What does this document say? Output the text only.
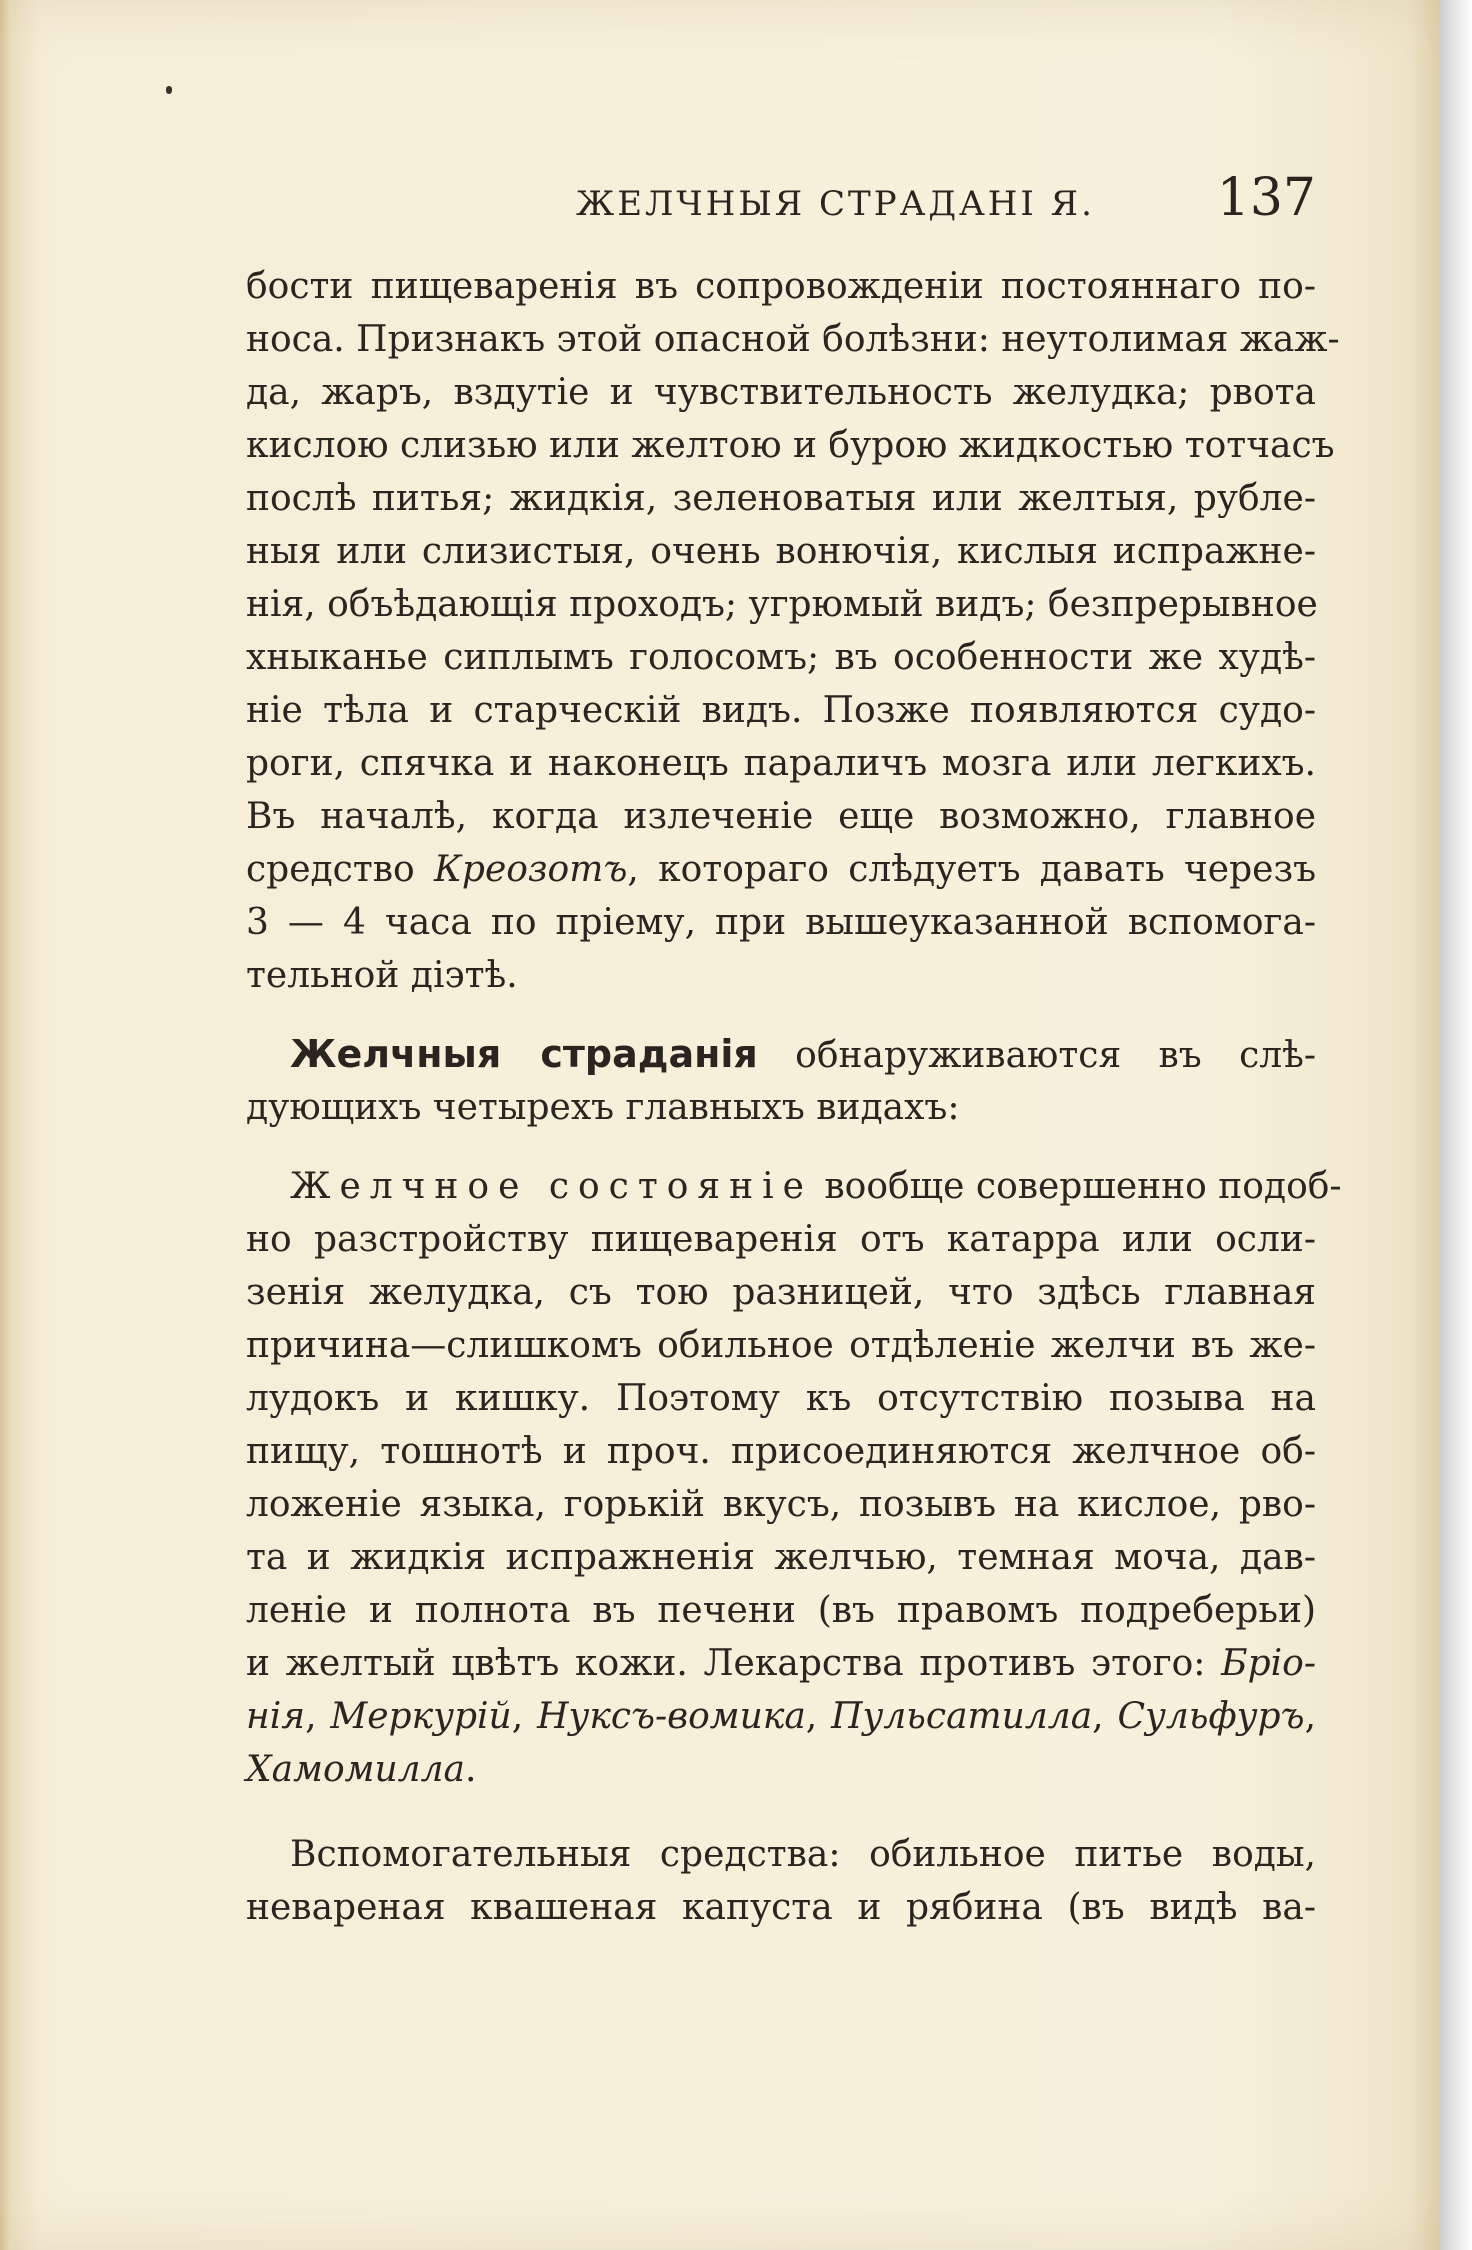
ЖЕЛЧНЫЯ СТРАДАНІ Я. 137
бости пищеваренія въ сопровожденіи постояннаго по-
носа. Признакъ этой опасной болѣзни: неутолимая жаж-
да, жаръ, вздутіе и чувствительность желудка; рвота
кислою слизью или желтою и бурою жидкостью тотчасъ
послѣ питья; жидкія, зеленоватыя или желтыя, рубле-
ныя или слизистыя, очень вонючія, кислыя испражне-
нія, объѣдающія проходъ; угрюмый видъ; безпрерывное
хныканье сиплымъ голосомъ; въ особенности же худѣ-
ніе тѣла и старческій видъ. Позже появляются судо-
роги, спячка и наконецъ параличъ мозга или легкихъ.
Въ началѣ, когда излеченіе еще возможно, главное
средство Креозотъ, котораго слѣдуетъ давать черезъ
3 — 4 часа по пріему, при вышеуказанной вспомога-
тельной діэтѣ.
Желчныя страданія обнаруживаются въ слѣ-
дующихъ четырехъ главныхъ видахъ:
Желчное состояніе вообще совершенно подоб-
но разстройству пищеваренія отъ катарра или осли-
зенія желудка, съ тою разницей, что здѣсь главная
причина—слишкомъ обильное отдѣленіе желчи въ же-
лудокъ и кишку. Поэтому къ отсутствію позыва на
пищу, тошнотѣ и проч. присоединяются желчное об-
ложеніе языка, горькій вкусъ, позывъ на кислое, рво-
та и жидкія испражненія желчью, темная моча, дав-
леніе и полнота въ печени (въ правомъ подреберьи)
и желтый цвѣтъ кожи. Лекарства противъ этого: Бріо-
нія, Меркурій, Нуксъ-вомика, Пульсатилла, Сульфуръ,
Хамомилла.
Вспомогательныя средства: обильное питье воды,
невареная квашеная капуста и рябина (въ видѣ ва-
